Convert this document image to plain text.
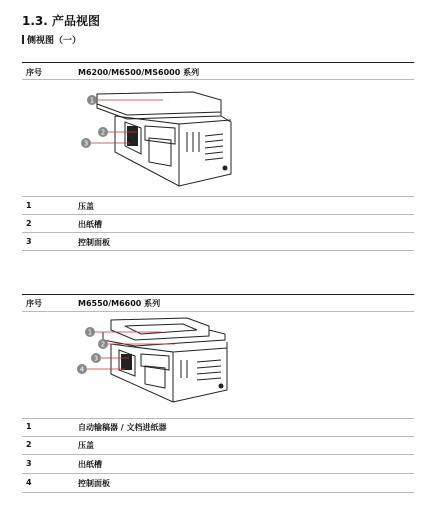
1.3. 产品视图
侧视图（一）
序号	M6200/M6500/MS6000 系列
1
2
3
1	压盖
2	出纸槽
3	控制面板
序号	M6550/M6600 系列
1
2
3
4
1	自动输稿器 / 文档进纸器
2	压盖
3	出纸槽
4	控制面板
